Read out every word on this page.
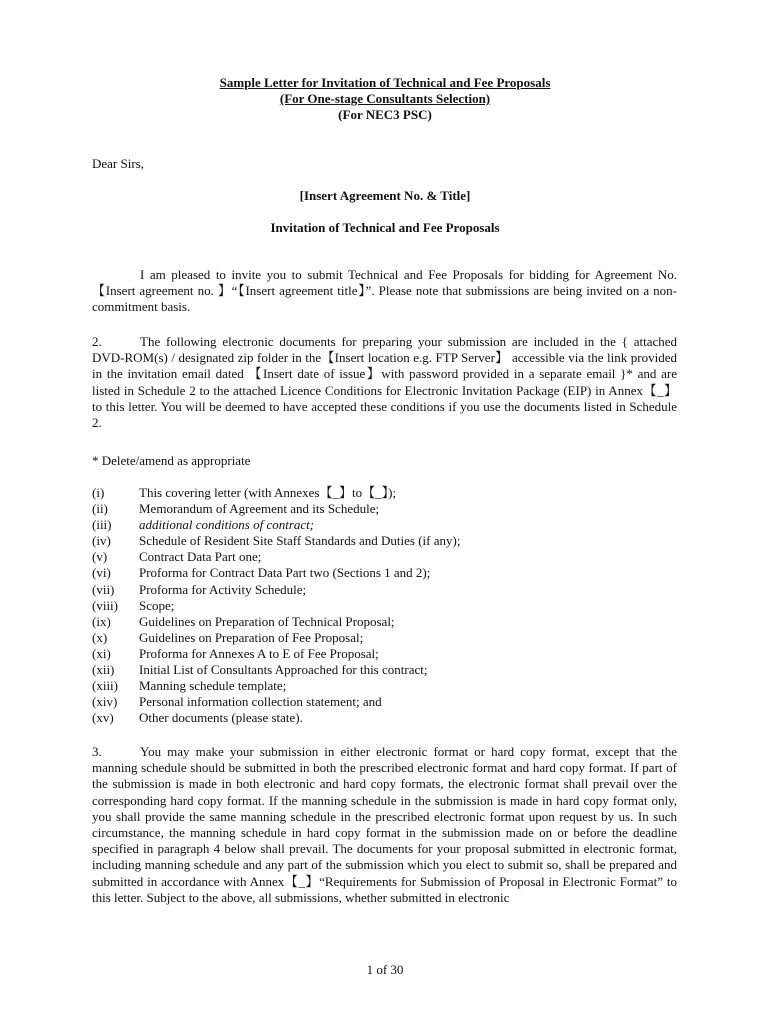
Sample Letter for Invitation of Technical and Fee Proposals
(For One-stage Consultants Selection)
(For NEC3 PSC)
Dear Sirs,
[Insert Agreement No. & Title]
Invitation of Technical and Fee Proposals
I am pleased to invite you to submit Technical and Fee Proposals for bidding for Agreement No.【Insert agreement no. 】“【Insert agreement title】”. Please note that submissions are being invited on a non-commitment basis.
2.	The following electronic documents for preparing your submission are included in the { attached DVD-ROM(s) / designated zip folder in the【Insert location e.g. FTP Server】 accessible via the link provided in the invitation email dated 【Insert date of issue】with password provided in a separate email }* and are listed in Schedule 2 to the attached Licence Conditions for Electronic Invitation Package (EIP) in Annex【_】to this letter. You will be deemed to have accepted these conditions if you use the documents listed in Schedule 2.
* Delete/amend as appropriate
(i)	This covering letter (with Annexes【_】to【_】);
(ii)	Memorandum of Agreement and its Schedule;
(iii)	additional conditions of contract;
(iv)	Schedule of Resident Site Staff Standards and Duties (if any);
(v)	Contract Data Part one;
(vi)	Proforma for Contract Data Part two (Sections 1 and 2);
(vii)	Proforma for Activity Schedule;
(viii)	Scope;
(ix)	Guidelines on Preparation of Technical Proposal;
(x)	Guidelines on Preparation of Fee Proposal;
(xi)	Proforma for Annexes A to E of Fee Proposal;
(xii)	Initial List of Consultants Approached for this contract;
(xiii)	Manning schedule template;
(xiv)	Personal information collection statement; and
(xv)	Other documents (please state).
3.	You may make your submission in either electronic format or hard copy format, except that the manning schedule should be submitted in both the prescribed electronic format and hard copy format. If part of the submission is made in both electronic and hard copy formats, the electronic format shall prevail over the corresponding hard copy format. If the manning schedule in the submission is made in hard copy format only, you shall provide the same manning schedule in the prescribed electronic format upon request by us. In such circumstance, the manning schedule in hard copy format in the submission made on or before the deadline specified in paragraph 4 below shall prevail. The documents for your proposal submitted in electronic format, including manning schedule and any part of the submission which you elect to submit so, shall be prepared and submitted in accordance with Annex【_】“Requirements for Submission of Proposal in Electronic Format” to this letter. Subject to the above, all submissions, whether submitted in electronic
1 of 30
